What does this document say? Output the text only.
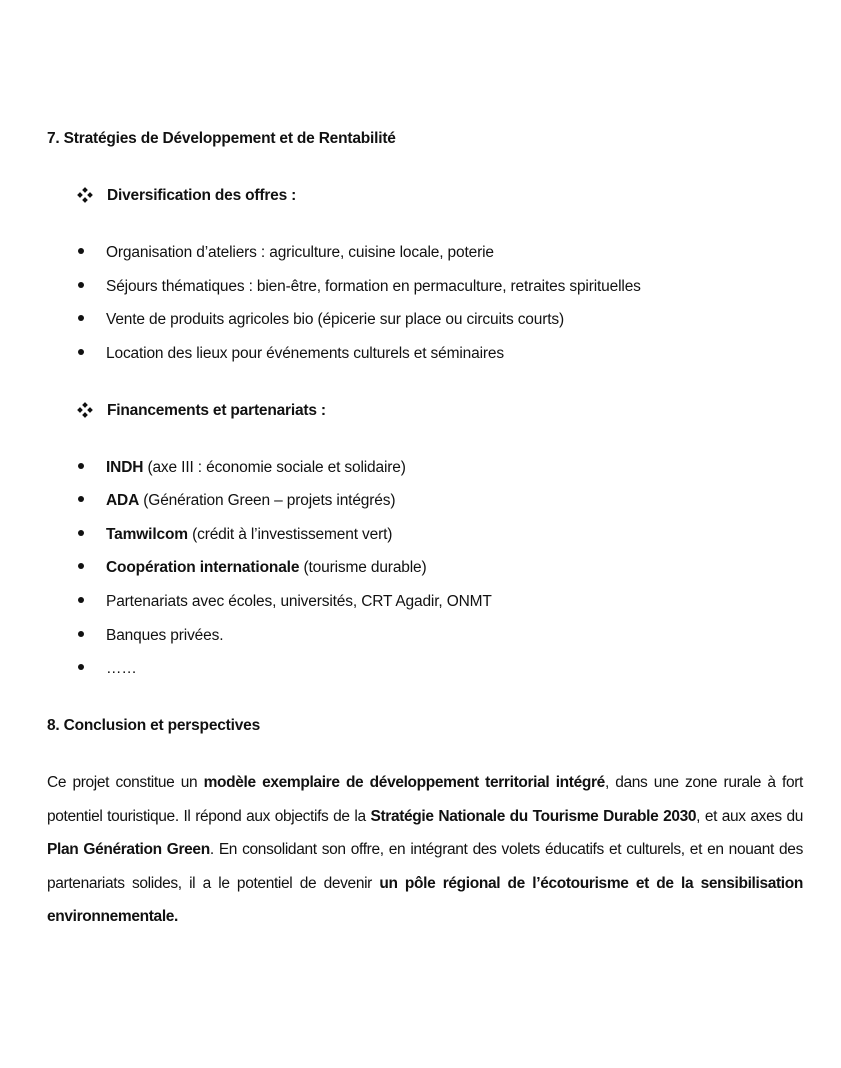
7. Stratégies de Développement et de Rentabilité
Diversification des offres :
Organisation d’ateliers : agriculture, cuisine locale, poterie
Séjours thématiques : bien-être, formation en permaculture, retraites spirituelles
Vente de produits agricoles bio (épicerie sur place ou circuits courts)
Location des lieux pour événements culturels et séminaires
Financements et partenariats :
INDH (axe III : économie sociale et solidaire)
ADA (Génération Green – projets intégrés)
Tamwilcom (crédit à l’investissement vert)
Coopération internationale (tourisme durable)
Partenariats avec écoles, universités, CRT Agadir, ONMT
Banques privées.
……
8. Conclusion et perspectives
Ce projet constitue un modèle exemplaire de développement territorial intégré, dans une zone rurale à fort potentiel touristique. Il répond aux objectifs de la Stratégie Nationale du Tourisme Durable 2030, et aux axes du Plan Génération Green. En consolidant son offre, en intégrant des volets éducatifs et culturels, et en nouant des partenariats solides, il a le potentiel de devenir un pôle régional de l’écotourisme et de la sensibilisation environnementale.
